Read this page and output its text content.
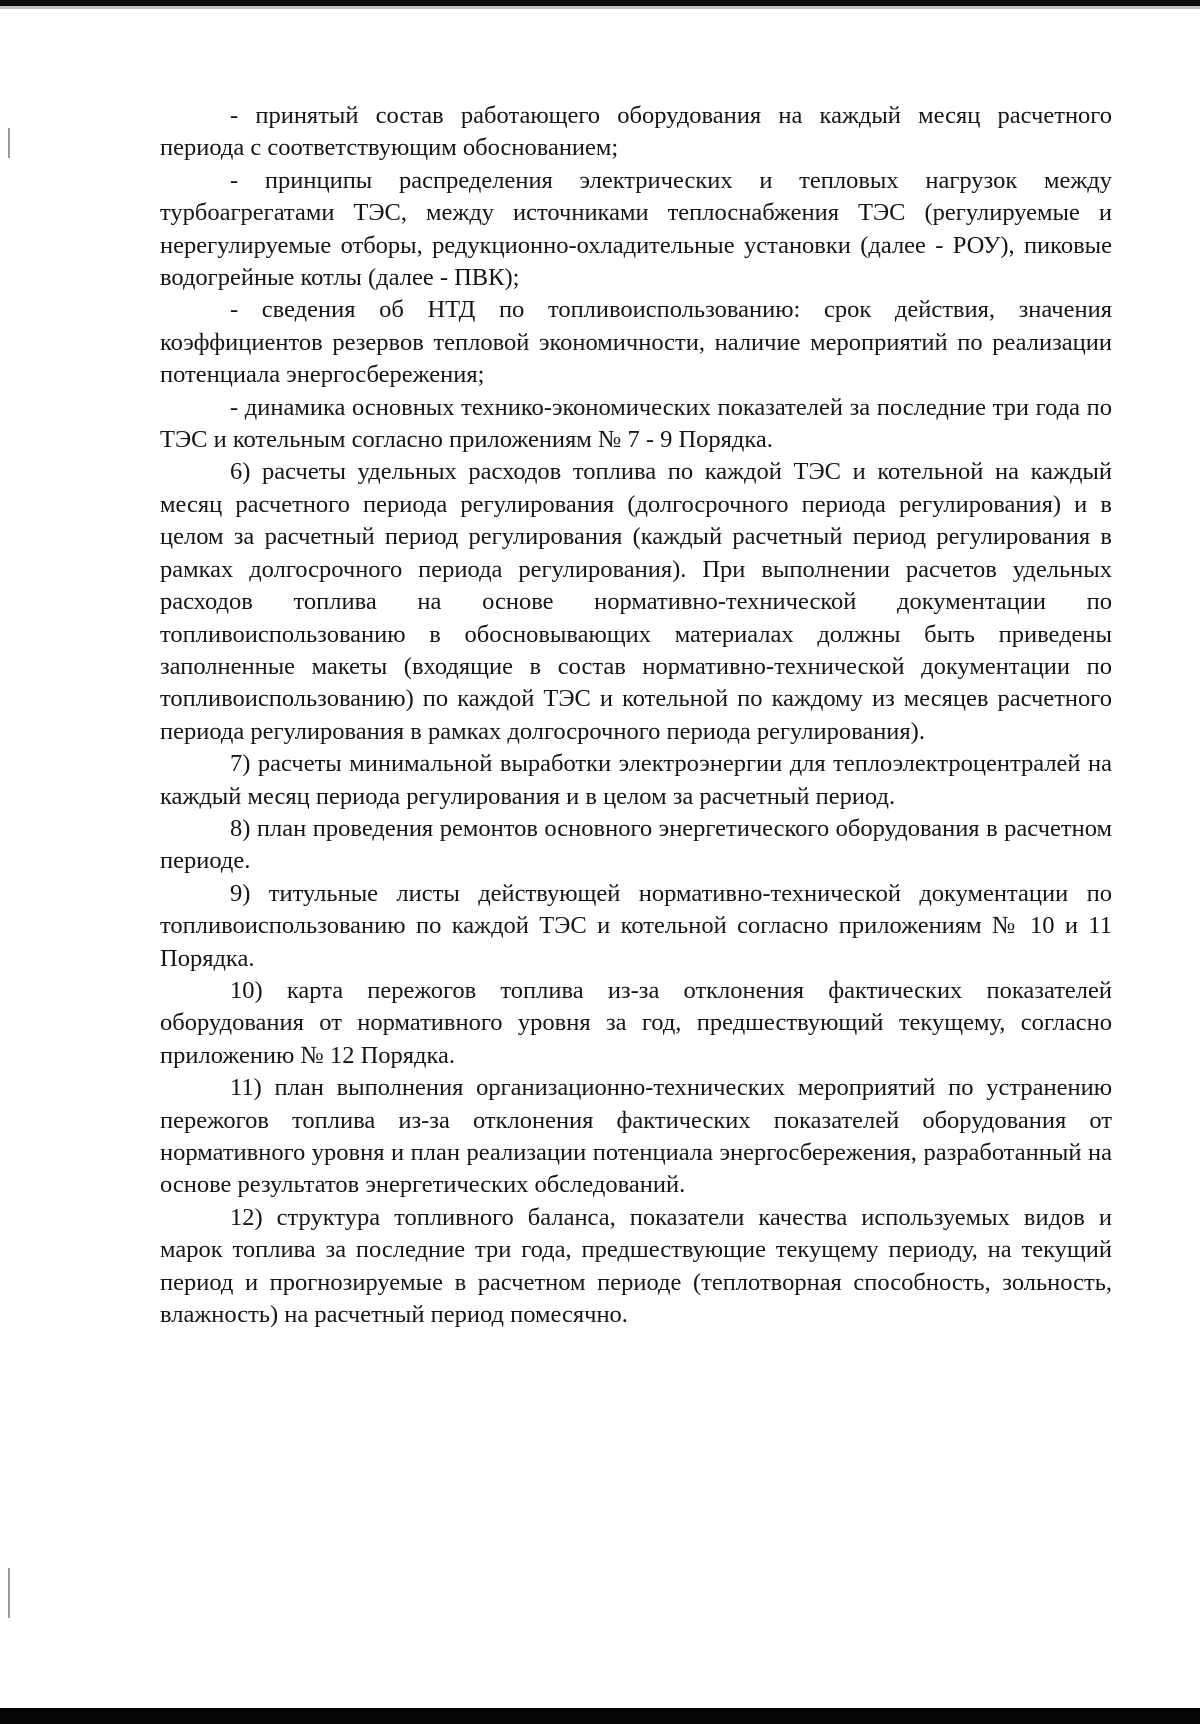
- принятый состав работающего оборудования на каждый месяц расчетного периода с соответствующим обоснованием;

- принципы распределения электрических и тепловых нагрузок между турбоагрегатами ТЭС, между источниками теплоснабжения ТЭС (регулируемые и нерегулируемые отборы, редукционно-охладительные установки (далее - РОУ), пиковые водогрейные котлы (далее - ПВК);

- сведения об НТД по топливоиспользованию: срок действия, значения коэффициентов резервов тепловой экономичности, наличие мероприятий по реализации потенциала энергосбережения;

- динамика основных технико-экономических показателей за последние три года по ТЭС и котельным согласно приложениям № 7 - 9 Порядка.

6) расчеты удельных расходов топлива по каждой ТЭС и котельной на каждый месяц расчетного периода регулирования (долгосрочного периода регулирования) и в целом за расчетный период регулирования (каждый расчетный период регулирования в рамках долгосрочного периода регулирования). При выполнении расчетов удельных расходов топлива на основе нормативно-технической документации по топливоиспользованию в обосновывающих материалах должны быть приведены заполненные макеты (входящие в состав нормативно-технической документации по топливоиспользованию) по каждой ТЭС и котельной по каждому из месяцев расчетного периода регулирования в рамках долгосрочного периода регулирования).

7) расчеты минимальной выработки электроэнергии для теплоэлектроцентралей на каждый месяц периода регулирования и в целом за расчетный период.

8) план проведения ремонтов основного энергетического оборудования в расчетном периоде.

9) титульные листы действующей нормативно-технической документации по топливоиспользованию по каждой ТЭС и котельной согласно приложениям № 10 и 11 Порядка.

10) карта пережогов топлива из-за отклонения фактических показателей оборудования от нормативного уровня за год, предшествующий текущему, согласно приложению № 12 Порядка.

11) план выполнения организационно-технических мероприятий по устранению пережогов топлива из-за отклонения фактических показателей оборудования от нормативного уровня и план реализации потенциала энергосбережения, разработанный на основе результатов энергетических обследований.

12) структура топливного баланса, показатели качества используемых видов и марок топлива за последние три года, предшествующие текущему периоду, на текущий период и прогнозируемые в расчетном периоде (теплотворная способность, зольность, влажность) на расчетный период помесячно.
